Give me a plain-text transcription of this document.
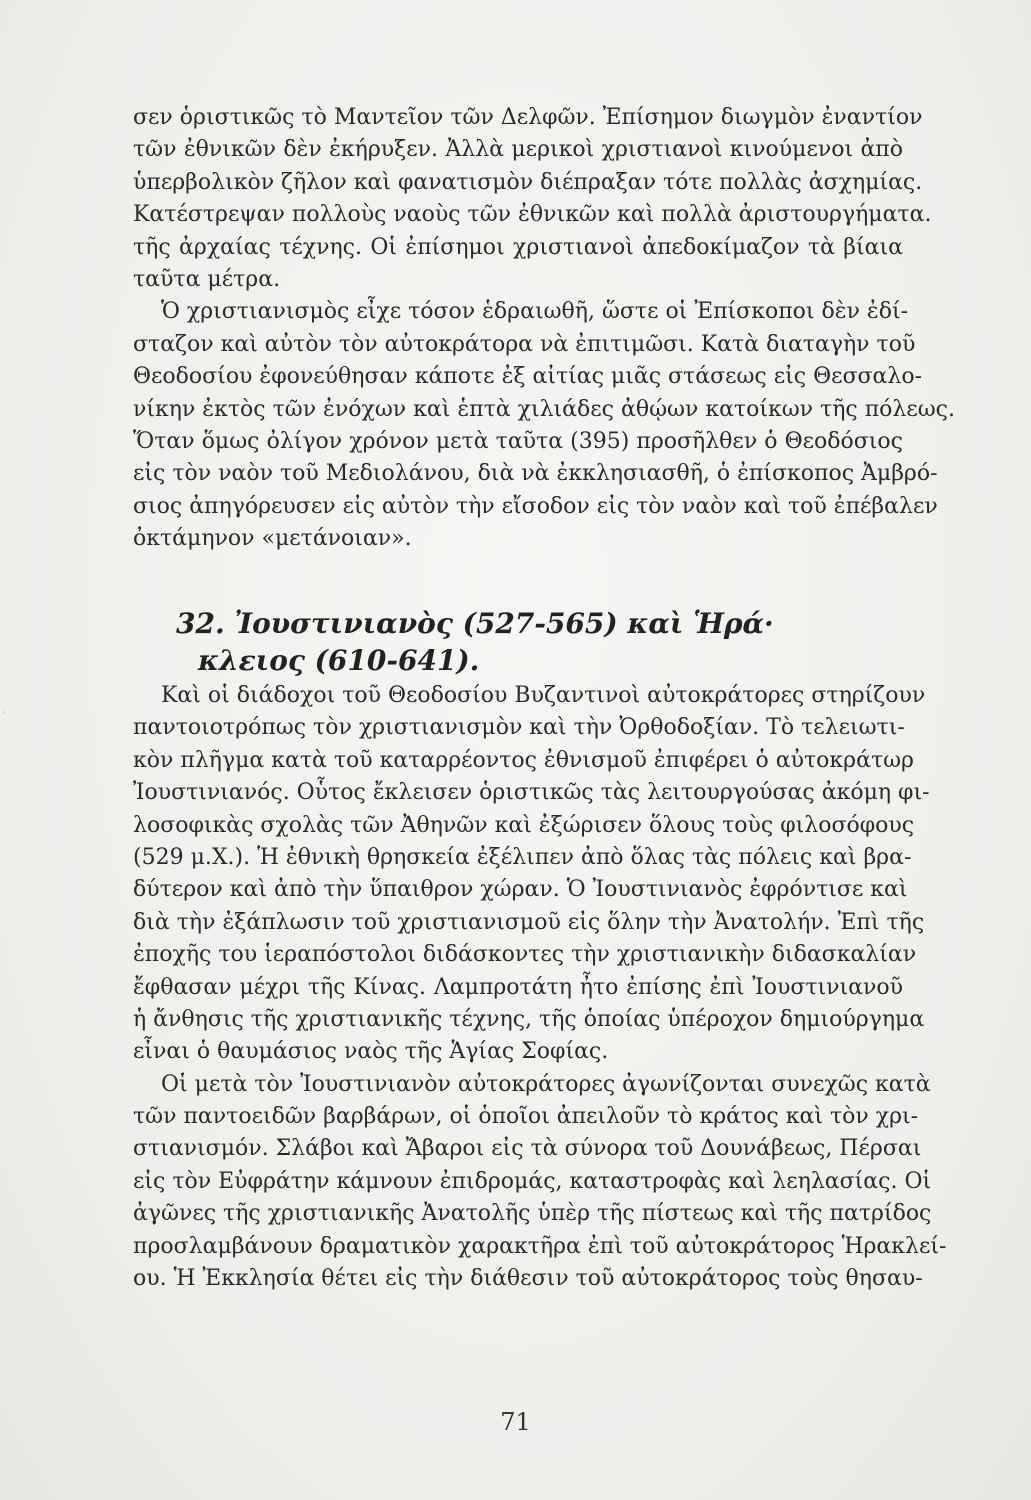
·
σεν ὁριστικῶς τὸ Μαντεῖον τῶν Δελφῶν. Ἐπίσημον διωγμὸν ἐναντίον
τῶν ἐθνικῶν δὲν ἐκήρυξεν. Ἀλλὰ μερικοὶ χριστιανοὶ κινούμενοι ἀπὸ
ὑπερβολικὸν ζῆλον καὶ φανατισμὸν διέπραξαν τότε πολλὰς ἀσχημίας.
Κατέστρεψαν πολλοὺς ναοὺς τῶν ἐθνικῶν καὶ πολλὰ ἀριστουργήματα.
τῆς ἀρχαίας τέχνης. Οἱ ἐπίσημοι χριστιανοὶ ἀπεδοκίμαζον τὰ βίαια
ταῦτα μέτρα.
Ὁ χριστιανισμὸς εἶχε τόσον ἑδραιωθῆ, ὥστε οἱ Ἐπίσκοποι δὲν ἐδί-
σταζον καὶ αὐτὸν τὸν αὐτοκράτορα νὰ ἐπιτιμῶσι. Κατὰ διαταγὴν τοῦ
Θεοδοσίου ἐφονεύθησαν κάποτε ἐξ αἰτίας μιᾶς στάσεως εἰς Θεσσαλο-
νίκην ἐκτὸς τῶν ἐνόχων καὶ ἑπτὰ χιλιάδες ἀθῴων κατοίκων τῆς πόλεως.
Ὅταν ὅμως ὀλίγον χρόνον μετὰ ταῦτα (395) προσῆλθεν ὁ Θεοδόσιος
εἰς τὸν ναὸν τοῦ Μεδιολάνου, διὰ νὰ ἐκκλησιασθῆ, ὁ ἐπίσκοπος Ἀμβρό-
σιος ἀπηγόρευσεν εἰς αὐτὸν τὴν εἴσοδον εἰς τὸν ναὸν καὶ τοῦ ἐπέβαλεν
ὀκτάμηνον «μετάνοιαν».
32. Ἰουστινιανὸς (527-565) καὶ Ἡρά·
κλειος (610-641).
Καὶ οἱ διάδοχοι τοῦ Θεοδοσίου Βυζαντινοὶ αὐτοκράτορες στηρίζουν
παντοιοτρόπως τὸν χριστιανισμὸν καὶ τὴν Ὀρθοδοξίαν. Τὸ τελειωτι-
κὸν πλῆγμα κατὰ τοῦ καταρρέοντος ἐθνισμοῦ ἐπιφέρει ὁ αὐτοκράτωρ
Ἰουστινιανός. Οὗτος ἔκλεισεν ὁριστικῶς τὰς λειτουργούσας ἀκόμη φι-
λοσοφικὰς σχολὰς τῶν Ἀθηνῶν καὶ ἐξώρισεν ὅλους τοὺς φιλοσόφους
(529 μ.Χ.). Ἡ ἐθνικὴ θρησκεία ἐξέλιπεν ἀπὸ ὅλας τὰς πόλεις καὶ βρα-
δύτερον καὶ ἀπὸ τὴν ὕπαιθρον χώραν. Ὁ Ἰουστινιανὸς ἐφρόντισε καὶ
διὰ τὴν ἐξάπλωσιν τοῦ χριστιανισμοῦ εἰς ὅλην τὴν Ἀνατολήν. Ἐπὶ τῆς
ἐποχῆς του ἱεραπόστολοι διδάσκοντες τὴν χριστιανικὴν διδασκαλίαν
ἔφθασαν μέχρι τῆς Κίνας. Λαμπροτάτη ἦτο ἐπίσης ἐπὶ Ἰουστινιανοῦ
ἡ ἄνθησις τῆς χριστιανικῆς τέχνης, τῆς ὁποίας ὑπέροχον δημιούργημα
εἶναι ὁ θαυμάσιος ναὸς τῆς Ἁγίας Σοφίας.
Οἱ μετὰ τὸν Ἰουστινιανὸν αὐτοκράτορες ἀγωνίζονται συνεχῶς κατὰ
τῶν παντοειδῶν βαρβάρων, οἱ ὁποῖοι ἀπειλοῦν τὸ κράτος καὶ τὸν χρι-
στιανισμόν. Σλάβοι καὶ Ἄβαροι εἰς τὰ σύνορα τοῦ Δουνάβεως, Πέρσαι
εἰς τὸν Εὐφράτην κάμνουν ἐπιδρομάς, καταστροφὰς καὶ λεηλασίας. Οἱ
ἀγῶνες τῆς χριστιανικῆς Ἀνατολῆς ὑπὲρ τῆς πίστεως καὶ τῆς πατρίδος
προσλαμβάνουν δραματικὸν χαρακτῆρα ἐπὶ τοῦ αὐτοκράτορος Ἡρακλεί-
ου. Ἡ Ἐκκλησία θέτει εἰς τὴν διάθεσιν τοῦ αὐτοκράτορος τοὺς θησαυ-
71
